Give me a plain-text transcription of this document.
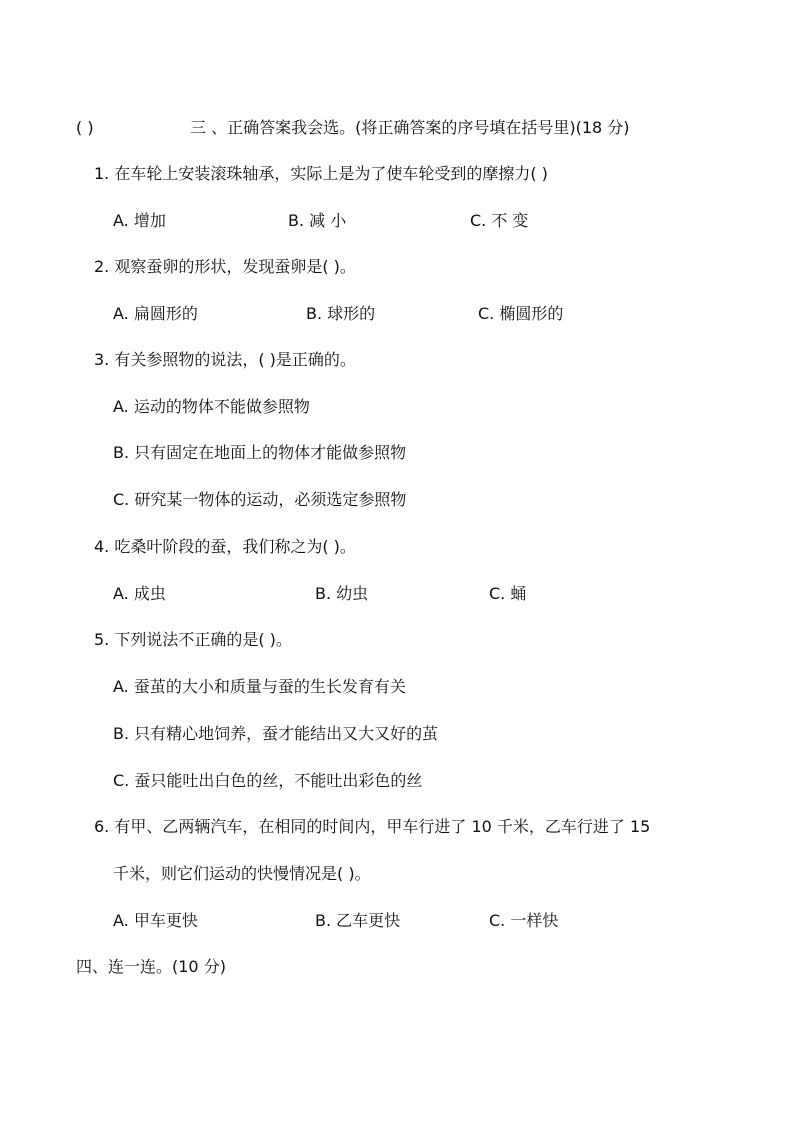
( )	三 、正确答案我会选。(将正确答案的序号填在括号里)(18 分)
1. 在车轮上安装滚珠轴承，实际上是为了使车轮受到的摩擦力( )
A. 增加	B. 减 小	C. 不 变
2. 观察蚕卵的形状，发现蚕卵是( )。
A. 扁圆形的	B. 球形的	C. 椭圆形的
3. 有关参照物的说法，( )是正确的。
A. 运动的物体不能做参照物
B. 只有固定在地面上的物体才能做参照物
C. 研究某一物体的运动，必须选定参照物
4. 吃桑叶阶段的蚕，我们称之为( )。
A. 成虫	B. 幼虫	C. 蛹
5. 下列说法不正确的是( )。
A. 蚕茧的大小和质量与蚕的生长发育有关
B. 只有精心地饲养，蚕才能结出又大又好的茧
C. 蚕只能吐出白色的丝，不能吐出彩色的丝
6. 有甲、乙两辆汽车，在相同的时间内，甲车行进了 10 千米，乙车行进了 15
千米，则它们运动的快慢情况是( )。
A. 甲车更快	B. 乙车更快	C. 一样快
四、连一连。(10 分)
